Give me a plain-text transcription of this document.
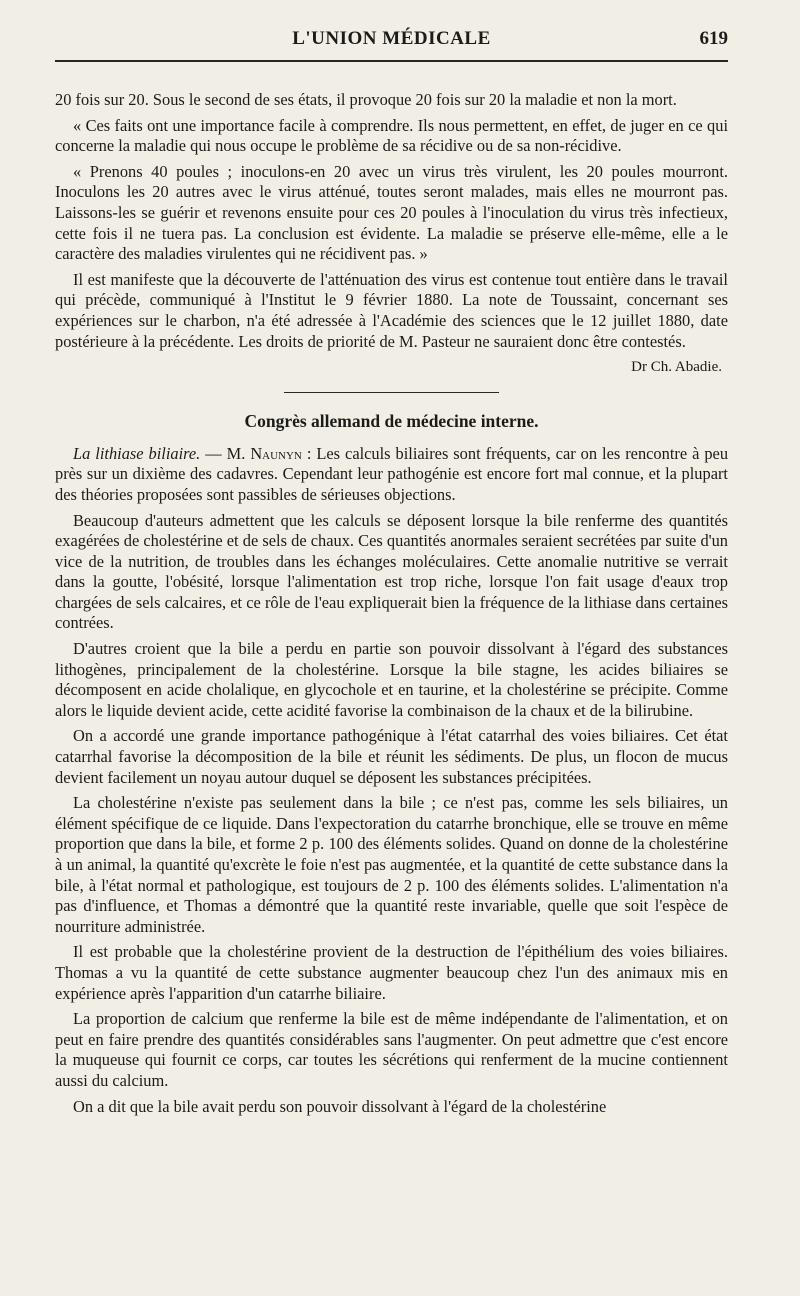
L'UNION MÉDICALE	619

20 fois sur 20. Sous le second de ses états, il provoque 20 fois sur 20 la maladie et non la mort.

« Ces faits ont une importance facile à comprendre. Ils nous permettent, en effet, de juger en ce qui concerne la maladie qui nous occupe le problème de sa récidive ou de sa non-récidive.

« Prenons 40 poules ; inoculons-en 20 avec un virus très virulent, les 20 poules mourront. Inoculons les 20 autres avec le virus atténué, toutes seront malades, mais elles ne mourront pas. Laissons-les se guérir et revenons ensuite pour ces 20 poules à l'inoculation du virus très infectieux, cette fois il ne tuera pas. La conclusion est évidente. La maladie se préserve elle-même, elle a le caractère des maladies virulentes qui ne récidivent pas. »

Il est manifeste que la découverte de l'atténuation des virus est contenue tout entière dans le travail qui précède, communiqué à l'Institut le 9 février 1880. La note de Toussaint, concernant ses expériences sur le charbon, n'a été adressée à l'Académie des sciences que le 12 juillet 1880, date postérieure à la précédente. Les droits de priorité de M. Pasteur ne sauraient donc être contestés.

Dr Ch. Abadie.

Congrès allemand de médecine interne.

La lithiase biliaire. — M. Naunyn : Les calculs biliaires sont fréquents, car on les rencontre à peu près sur un dixième des cadavres. Cependant leur pathogénie est encore fort mal connue, et la plupart des théories proposées sont passibles de sérieuses objections.

Beaucoup d'auteurs admettent que les calculs se déposent lorsque la bile renferme des quantités exagérées de cholestérine et de sels de chaux. Ces quantités anormales seraient secrétées par suite d'un vice de la nutrition, de troubles dans les échanges moléculaires. Cette anomalie nutritive se verrait dans la goutte, l'obésité, lorsque l'alimentation est trop riche, lorsque l'on fait usage d'eaux trop chargées de sels calcaires, et ce rôle de l'eau expliquerait bien la fréquence de la lithiase dans certaines contrées.

D'autres croient que la bile a perdu en partie son pouvoir dissolvant à l'égard des substances lithogènes, principalement de la cholestérine. Lorsque la bile stagne, les acides biliaires se décomposent en acide cholalique, en glycochole et en taurine, et la cholestérine se précipite. Comme alors le liquide devient acide, cette acidité favorise la combinaison de la chaux et de la bilirubine.

On a accordé une grande importance pathogénique à l'état catarrhal des voies biliaires. Cet état catarrhal favorise la décomposition de la bile et réunit les sédiments. De plus, un flocon de mucus devient facilement un noyau autour duquel se déposent les substances précipitées.

La cholestérine n'existe pas seulement dans la bile ; ce n'est pas, comme les sels biliaires, un élément spécifique de ce liquide. Dans l'expectoration du catarrhe bronchique, elle se trouve en même proportion que dans la bile, et forme 2 p. 100 des éléments solides. Quand on donne de la cholestérine à un animal, la quantité qu'excrète le foie n'est pas augmentée, et la quantité de cette substance dans la bile, à l'état normal et pathologique, est toujours de 2 p. 100 des éléments solides. L'alimentation n'a pas d'influence, et Thomas a démontré que la quantité reste invariable, quelle que soit l'espèce de nourriture administrée.

Il est probable que la cholestérine provient de la destruction de l'épithélium des voies biliaires. Thomas a vu la quantité de cette substance augmenter beaucoup chez l'un des animaux mis en expérience après l'apparition d'un catarrhe biliaire.

La proportion de calcium que renferme la bile est de même indépendante de l'alimentation, et on peut en faire prendre des quantités considérables sans l'augmenter. On peut admettre que c'est encore la muqueuse qui fournit ce corps, car toutes les sécrétions qui renferment de la mucine contiennent aussi du calcium.

On a dit que la bile avait perdu son pouvoir dissolvant à l'égard de la cholestérine
